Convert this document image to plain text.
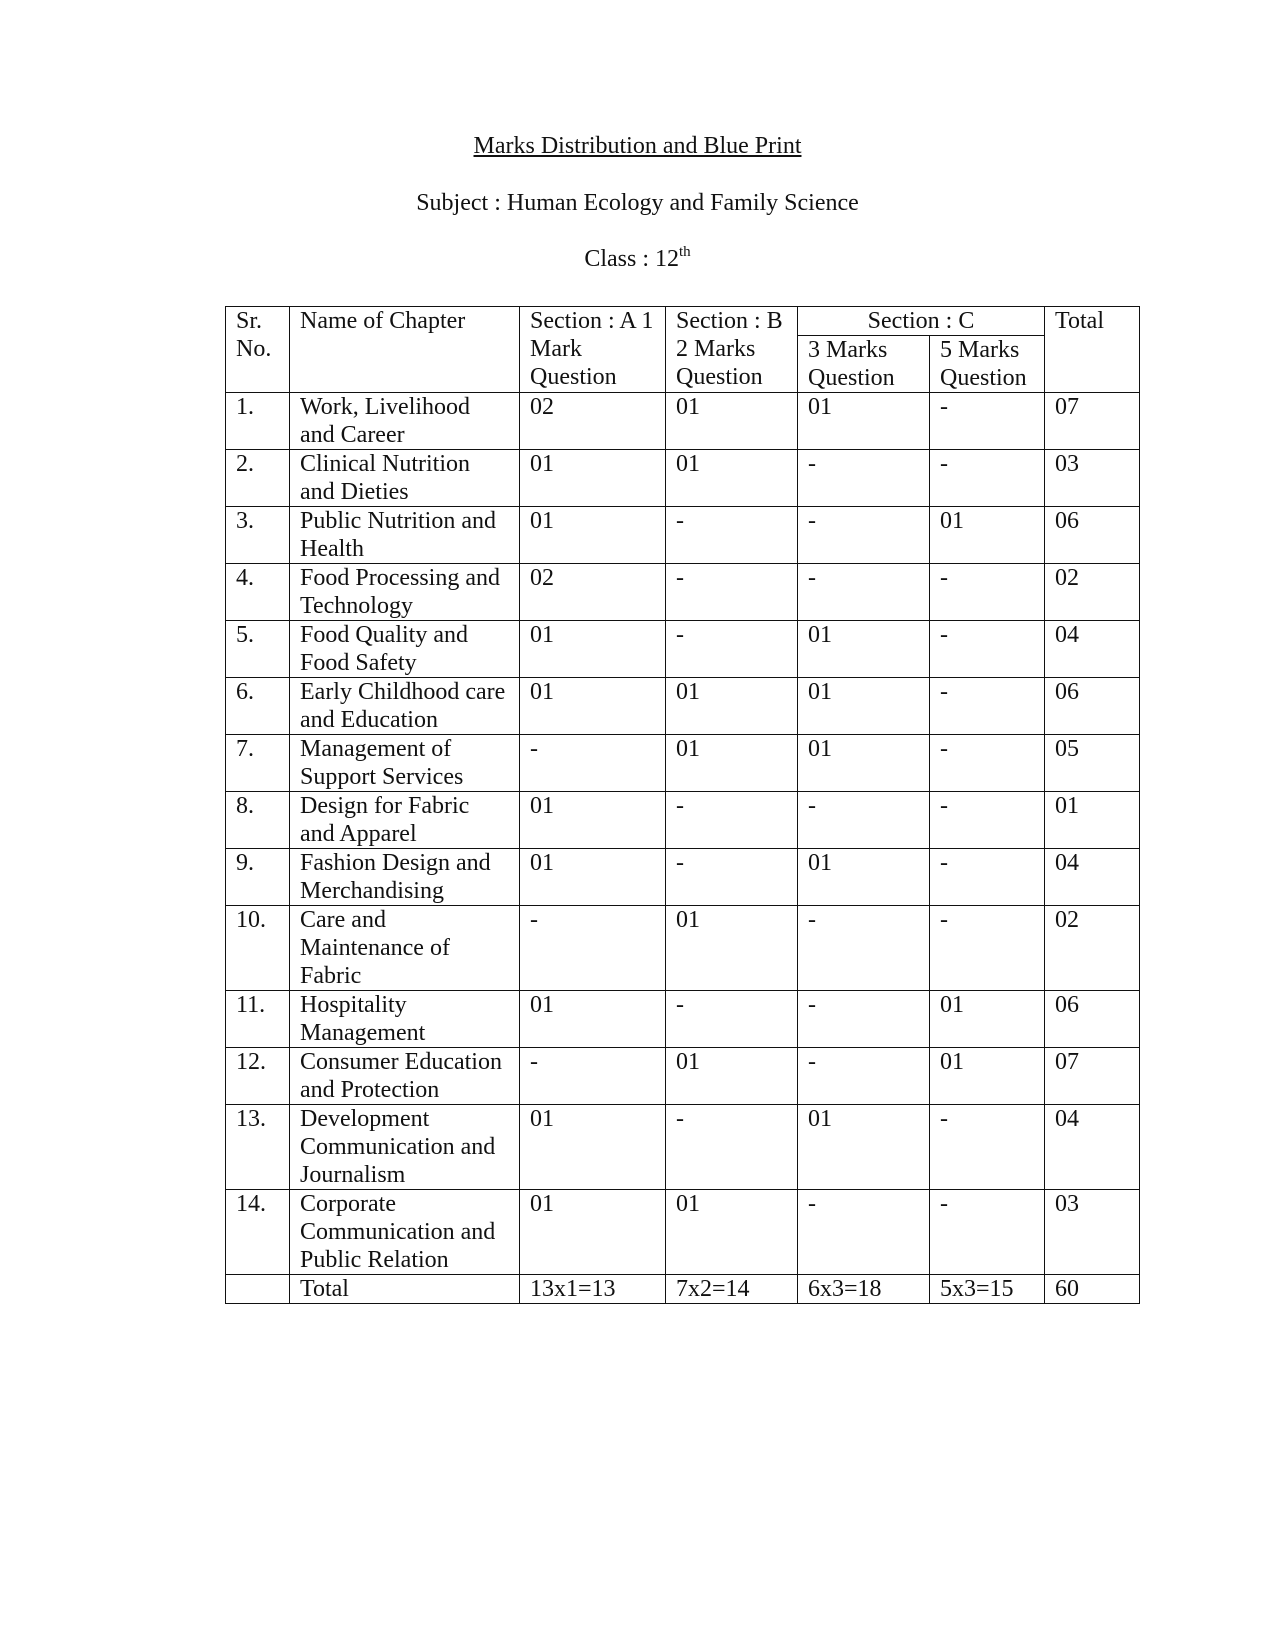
Marks Distribution and Blue Print
Subject : Human Ecology and Family Science
Class : 12th
Sr. No.	Name of Chapter	Section : A 1 Mark Question	Section : B 2 Marks Question	Section : C		Total
				3 Marks Question	5 Marks Question	
1.	Work, Livelihood and Career	02	01	01	-	07
2.	Clinical Nutrition and Dieties	01	01	-	-	03
3.	Public Nutrition and Health	01	-	-	01	06
4.	Food Processing and Technology	02	-	-	-	02
5.	Food Quality and Food Safety	01	-	01	-	04
6.	Early Childhood care and Education	01	01	01	-	06
7.	Management of Support Services	-	01	01	-	05
8.	Design for Fabric and Apparel	01	-	-	-	01
9.	Fashion Design and Merchandising	01	-	01	-	04
10.	Care and Maintenance of Fabric	-	01	-	-	02
11.	Hospitality Management	01	-	-	01	06
12.	Consumer Education and Protection	-	01	-	01	07
13.	Development Communication and Journalism	01	-	01	-	04
14.	Corporate Communication and Public Relation	01	01	-	-	03
	Total	13x1=13	7x2=14	6x3=18	5x3=15	60
